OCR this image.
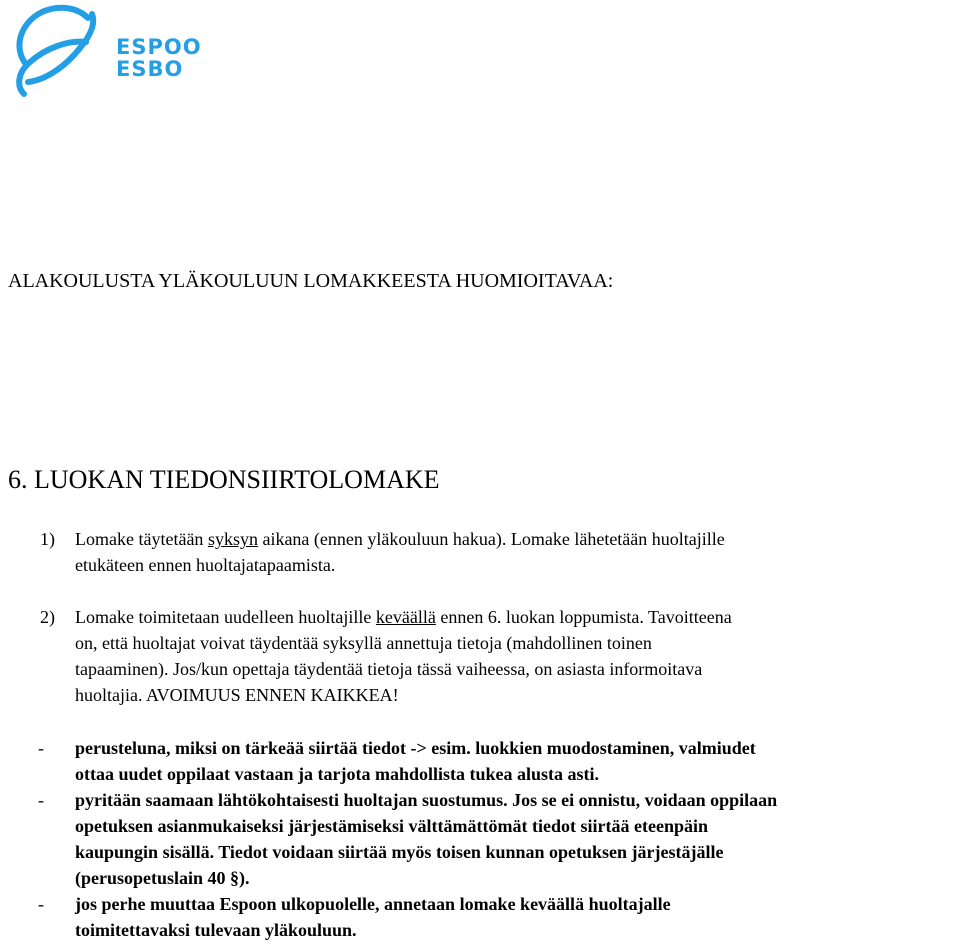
ESPOO
ESBO
ALAKOULUSTA YLÄKOULUUN LOMAKKEESTA HUOMIOITAVAA:
6. LUOKAN TIEDONSIIRTOLOMAKE
1) Lomake täytetään syksyn aikana (ennen yläkouluun hakua). Lomake lähetetään huoltajille
etukäteen ennen huoltajatapaamista.
2) Lomake toimitetaan uudelleen huoltajille keväällä ennen 6. luokan loppumista. Tavoitteena
on, että huoltajat voivat täydentää syksyllä annettuja tietoja (mahdollinen toinen
tapaaminen). Jos/kun opettaja täydentää tietoja tässä vaiheessa, on asiasta informoitava
huoltajia. AVOIMUUS ENNEN KAIKKEA!
- perusteluna, miksi on tärkeää siirtää tiedot -> esim. luokkien muodostaminen, valmiudet
ottaa uudet oppilaat vastaan ja tarjota mahdollista tukea alusta asti.
- pyritään saamaan lähtökohtaisesti huoltajan suostumus. Jos se ei onnistu, voidaan oppilaan
opetuksen asianmukaiseksi järjestämiseksi välttämättömät tiedot siirtää eteenpäin
kaupungin sisällä. Tiedot voidaan siirtää myös toisen kunnan opetuksen järjestäjälle
(perusopetuslain 40 §).
- jos perhe muuttaa Espoon ulkopuolelle, annetaan lomake keväällä huoltajalle
toimitettavaksi tulevaan yläkouluun.
